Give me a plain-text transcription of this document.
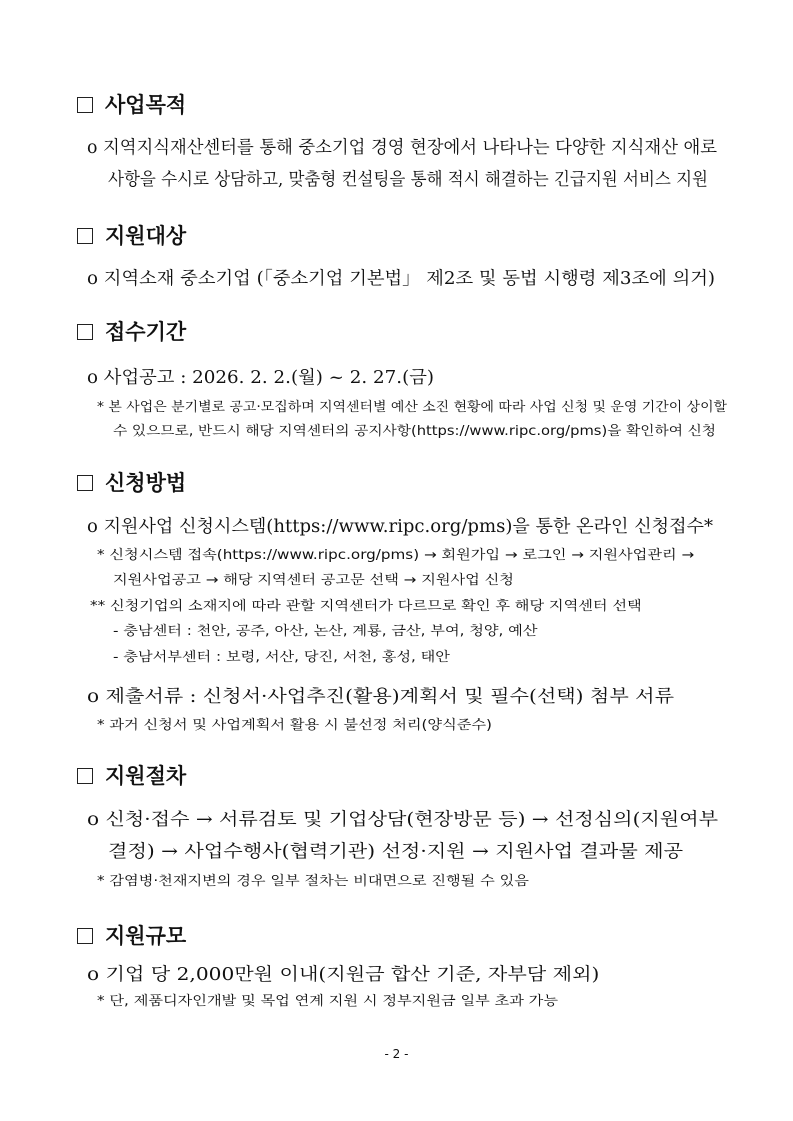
사업목적
o 지역지식재산센터를 통해 중소기업 경영 현장에서 나타나는 다양한 지식재산 애로
사항을 수시로 상담하고, 맞춤형 컨설팅을 통해 적시 해결하는 긴급지원 서비스 지원
지원대상
o 지역소재 중소기업 (「중소기업 기본법」 제2조 및 동법 시행령 제3조에 의거)
접수기간
o 사업공고 : 2026. 2. 2.(월) ~ 2. 27.(금)
* 본 사업은 분기별로 공고·모집하며 지역센터별 예산 소진 현황에 따라 사업 신청 및 운영 기간이 상이할
수 있으므로, 반드시 해당 지역센터의 공지사항(https://www.ripc.org/pms)을 확인하여 신청
신청방법
o 지원사업 신청시스템(https://www.ripc.org/pms)을 통한 온라인 신청접수*
* 신청시스템 접속(https://www.ripc.org/pms) → 회원가입 → 로그인 → 지원사업관리 →
지원사업공고 → 해당 지역센터 공고문 선택 → 지원사업 신청
** 신청기업의 소재지에 따라 관할 지역센터가 다르므로 확인 후 해당 지역센터 선택
- 충남센터 : 천안, 공주, 아산, 논산, 계룡, 금산, 부여, 청양, 예산
- 충남서부센터 : 보령, 서산, 당진, 서천, 홍성, 태안
o 제출서류 : 신청서·사업추진(활용)계획서 및 필수(선택) 첨부 서류
* 과거 신청서 및 사업계획서 활용 시 불선정 처리(양식준수)
지원절차
o 신청·접수 → 서류검토 및 기업상담(현장방문 등) → 선정심의(지원여부
결정) → 사업수행사(협력기관) 선정·지원 → 지원사업 결과물 제공
* 감염병·천재지변의 경우 일부 절차는 비대면으로 진행될 수 있음
지원규모
o 기업 당 2,000만원 이내(지원금 합산 기준, 자부담 제외)
* 단, 제품디자인개발 및 목업 연계 지원 시 정부지원금 일부 초과 가능
- 2 -
